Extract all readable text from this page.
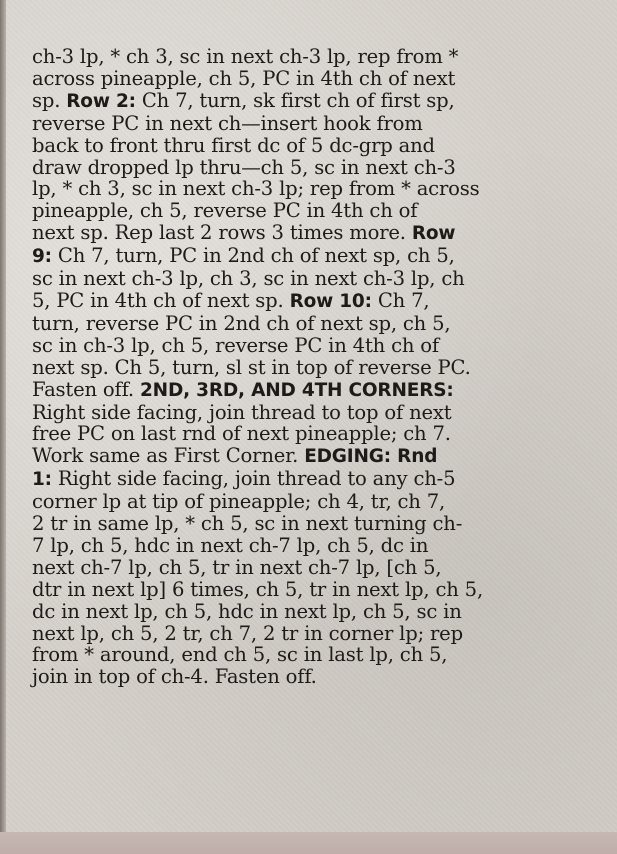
ch-3 lp, * ch 3, sc in next ch-3 lp, rep from *
across pineapple, ch 5, PC in 4th ch of next
sp. Row 2: Ch 7, turn, sk first ch of first sp,
reverse PC in next ch—insert hook from
back to front thru first dc of 5 dc-grp and
draw dropped lp thru—ch 5, sc in next ch-3
lp, * ch 3, sc in next ch-3 lp; rep from * across
pineapple, ch 5, reverse PC in 4th ch of
next sp. Rep last 2 rows 3 times more. Row
9: Ch 7, turn, PC in 2nd ch of next sp, ch 5,
sc in next ch-3 lp, ch 3, sc in next ch-3 lp, ch
5, PC in 4th ch of next sp. Row 10: Ch 7,
turn, reverse PC in 2nd ch of next sp, ch 5,
sc in ch-3 lp, ch 5, reverse PC in 4th ch of
next sp. Ch 5, turn, sl st in top of reverse PC.
Fasten off. 2ND, 3RD, AND 4TH CORNERS:
Right side facing, join thread to top of next
free PC on last rnd of next pineapple; ch 7.
Work same as First Corner. EDGING: Rnd
1: Right side facing, join thread to any ch-5
corner lp at tip of pineapple; ch 4, tr, ch 7,
2 tr in same lp, * ch 5, sc in next turning ch-
7 lp, ch 5, hdc in next ch-7 lp, ch 5, dc in
next ch-7 lp, ch 5, tr in next ch-7 lp, [ch 5,
dtr in next lp] 6 times, ch 5, tr in next lp, ch 5,
dc in next lp, ch 5, hdc in next lp, ch 5, sc in
next lp, ch 5, 2 tr, ch 7, 2 tr in corner lp; rep
from * around, end ch 5, sc in last lp, ch 5,
join in top of ch-4. Fasten off.
